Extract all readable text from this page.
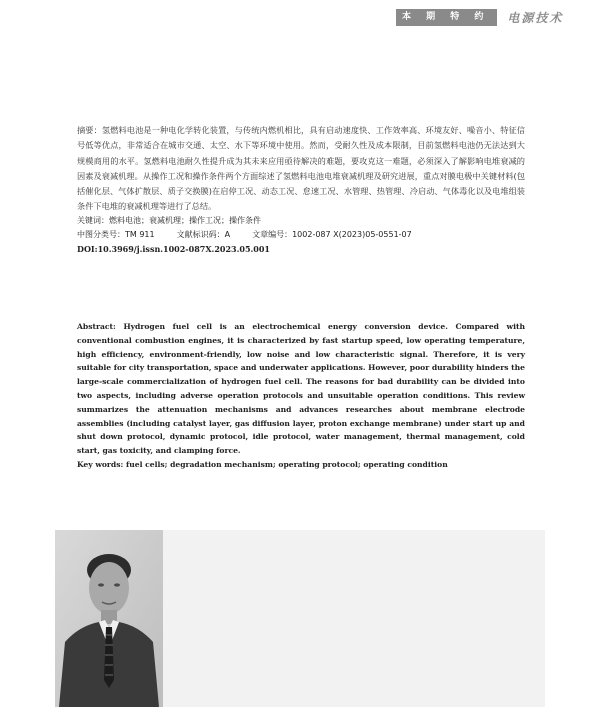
本 期 特 约	电源技术

摘要：氢燃料电池是一种电化学转化装置，与传统内燃机相比，具有启动速度快、工作效率高、环境友好、噪音小、特征信号低等优点，非常适合在城市交通、太空、水下等环境中使用。然而，受耐久性及成本限制，目前氢燃料电池仍无法达到大规模商用的水平。氢燃料电池耐久性提升成为其未来应用亟待解决的难题，要攻克这一难题，必须深入了解影响电堆衰减的因素及衰减机理。从操作工况和操作条件两个方面综述了氢燃料电池电堆衰减机理及研究进展，重点对膜电极中关键材料(包括催化层、气体扩散层、质子交换膜)在启停工况、动态工况、怠速工况、水管理、热管理、冷启动、气体毒化以及电堆组装条件下电堆的衰减机理等进行了总结。

关键词： 燃料电池；衰减机理；操作工况；操作条件
中图分类号： TM 911	文献标识码： A	文章编号： 1002-087 X(2023)05-0551-07
DOI: 10.3969/j.issn.1002-087X.2023.05.001

Abstract: Hydrogen fuel cell is an electrochemical energy conversion device. Compared with conventional combustion engines, it is characterized by fast startup speed, low operating temperature, high efficiency, environment-friendly, low noise and low characteristic signal. Therefore, it is very suitable for city transportation, space and underwater applications. However, poor durability hinders the large-scale commercialization of hydrogen fuel cell. The reasons for bad durability can be divided into two aspects, including adverse operation protocols and unsuitable operation conditions. This review summarizes the attenuation mechanisms and advances researches about membrane electrode assemblies (including catalyst layer, gas diffusion layer, proton exchange membrane) under start up and shut down protocol, dynamic protocol, idle protocol, water management, thermal management, cold start, gas toxicity, and clamping force.

Key words: fuel cells; degradation mechanism; operating protocol; operating condition
